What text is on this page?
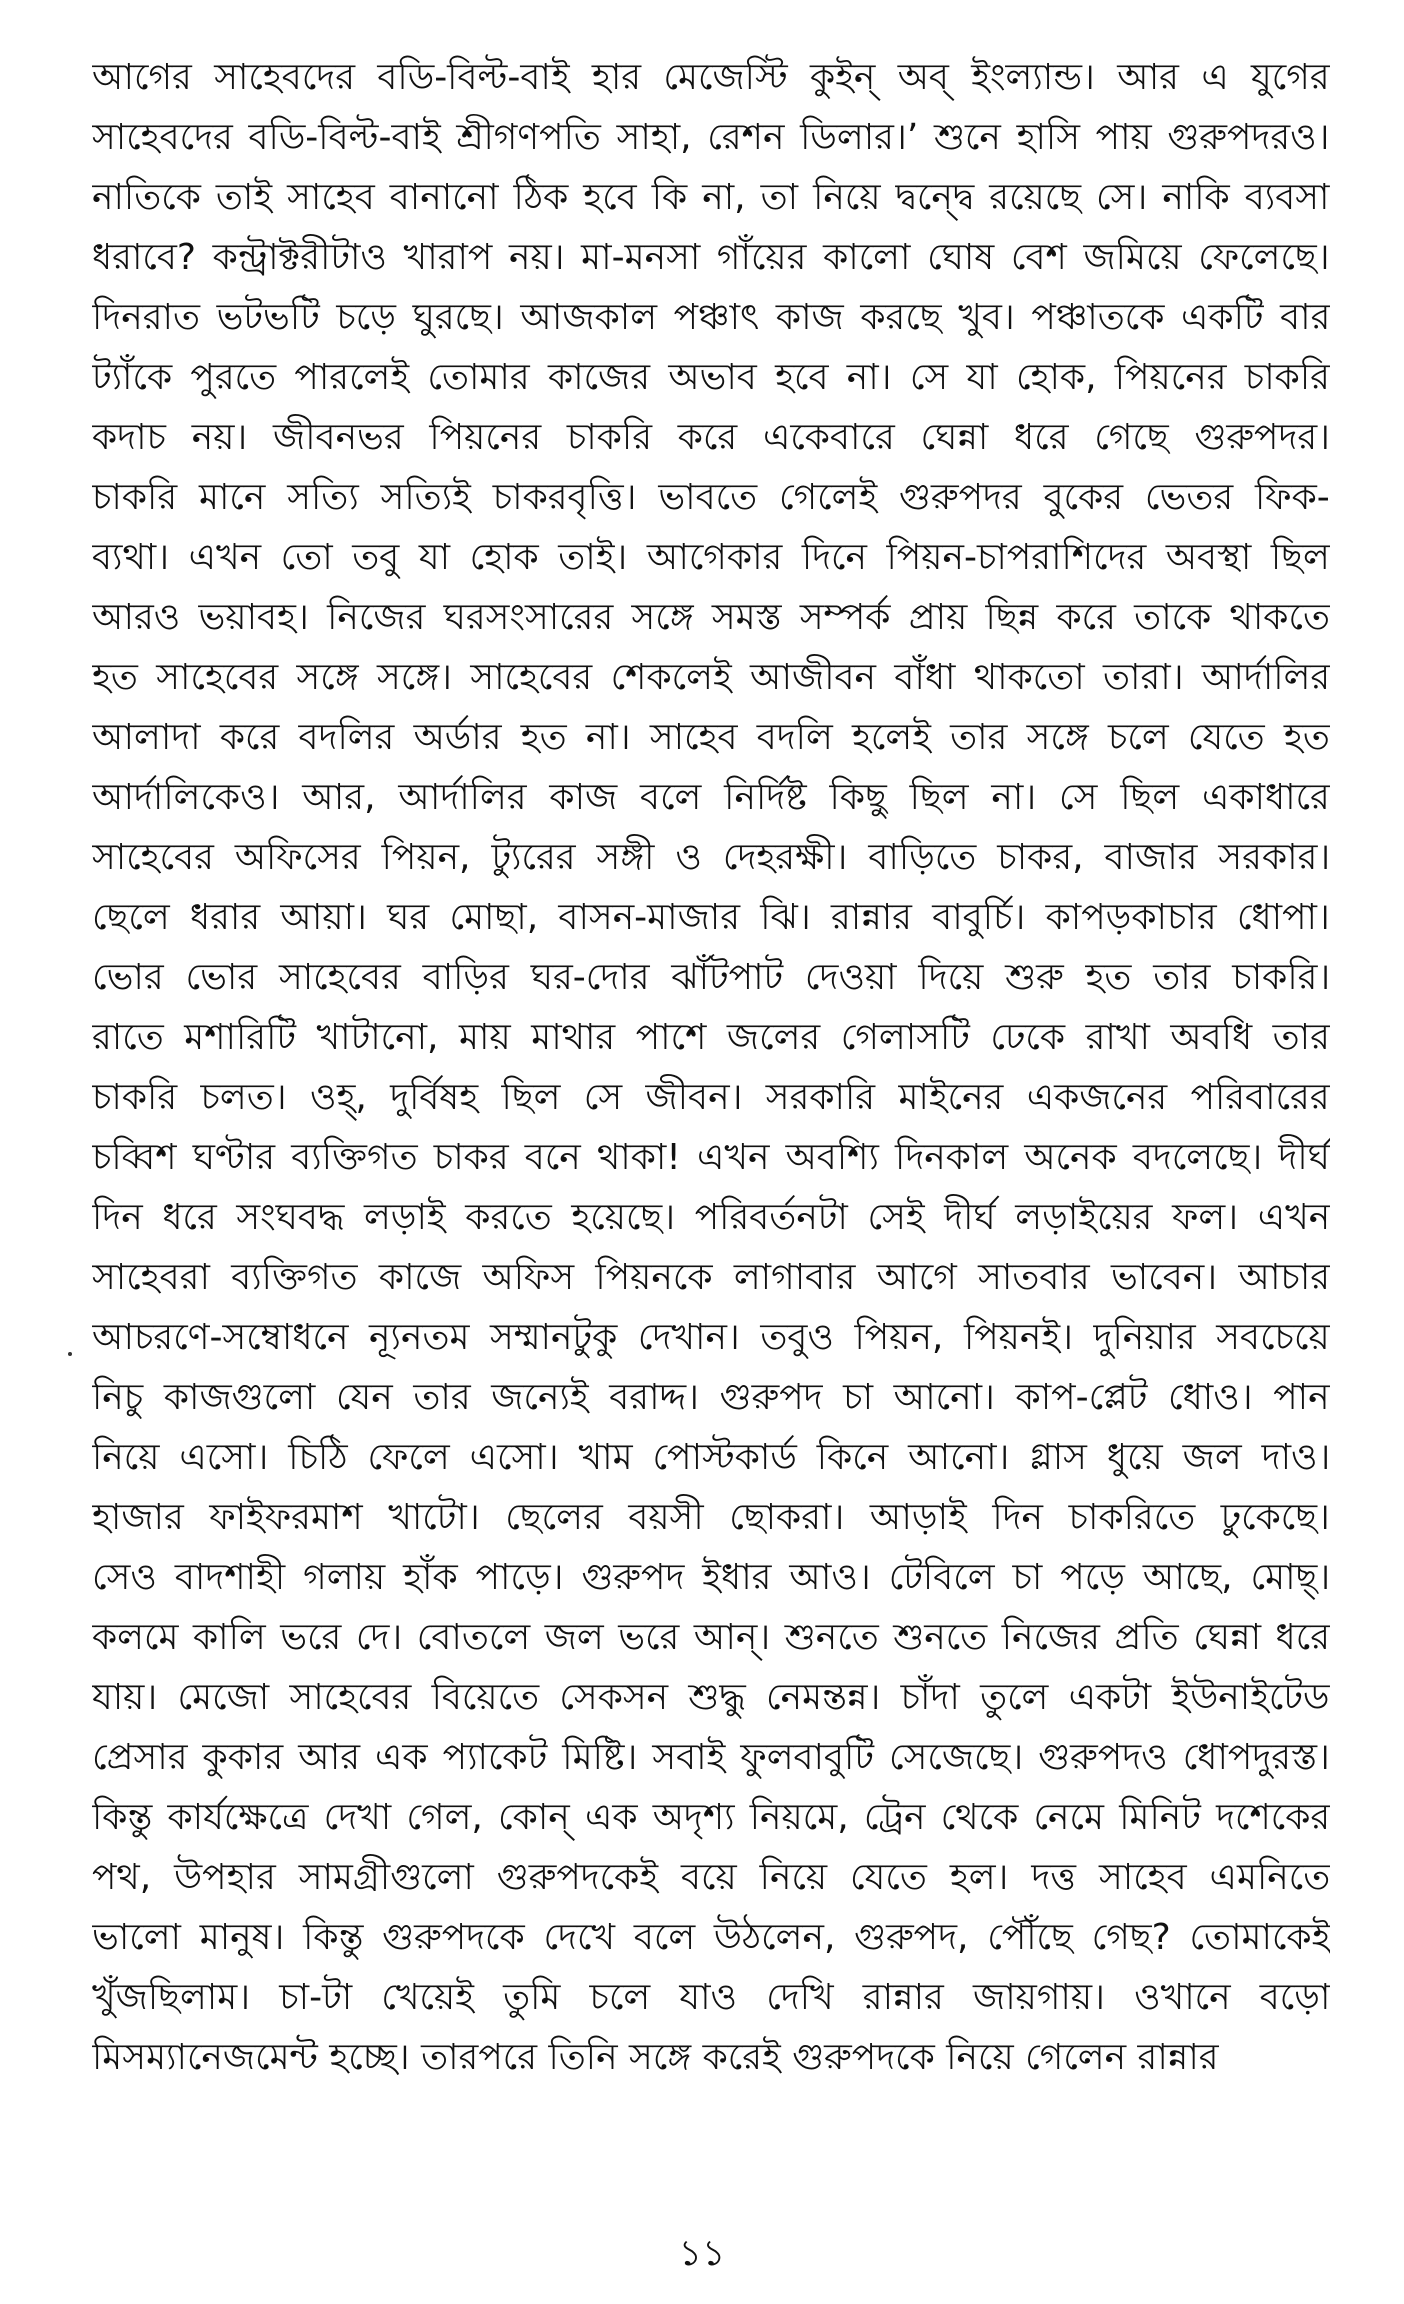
আগের সাহেবদের বডি-বিল্ট-বাই হার মেজেস্টি কুইন্ অব্ ইংল্যান্ড। আর এ যুগের
সাহেবদের বডি-বিল্ট-বাই শ্রীগণপতি সাহা, রেশন ডিলার।’ শুনে হাসি পায় গুরুপদরও।
নাতিকে তাই সাহেব বানানো ঠিক হবে কি না, তা নিয়ে দ্বন্দ্বে রয়েছে সে। নাকি ব্যবসা
ধরাবে? কন্ট্রাক্টরীটাও খারাপ নয়। মা-মনসা গাঁয়ের কালো ঘোষ বেশ জমিয়ে ফেলেছে।
দিনরাত ভটভটি চড়ে ঘুরছে। আজকাল পঞ্চাৎ কাজ করছে খুব। পঞ্চাতকে একটি বার
ট্যাঁকে পুরতে পারলেই তোমার কাজের অভাব হবে না। সে যা হোক, পিয়নের চাকরি
কদাচ নয়। জীবনভর পিয়নের চাকরি করে একেবারে ঘেন্না ধরে গেছে গুরুপদর।
চাকরি মানে সত্যি সত্যিই চাকরবৃত্তি। ভাবতে গেলেই গুরুপদর বুকের ভেতর ফিক-
ব্যথা। এখন তো তবু যা হোক তাই। আগেকার দিনে পিয়ন-চাপরাশিদের অবস্থা ছিল
আরও ভয়াবহ। নিজের ঘরসংসারের সঙ্গে সমস্ত সম্পর্ক প্রায় ছিন্ন করে তাকে থাকতে
হত সাহেবের সঙ্গে সঙ্গে। সাহেবের শেকলেই আজীবন বাঁধা থাকতো তারা। আর্দালির
আলাদা করে বদলির অর্ডার হত না। সাহেব বদলি হলেই তার সঙ্গে চলে যেতে হত
আর্দালিকেও। আর, আর্দালির কাজ বলে নির্দিষ্ট কিছু ছিল না। সে ছিল একাধারে
সাহেবের অফিসের পিয়ন, ট্যুরের সঙ্গী ও দেহরক্ষী। বাড়িতে চাকর, বাজার সরকার।
ছেলে ধরার আয়া। ঘর মোছা, বাসন-মাজার ঝি। রান্নার বাবুর্চি। কাপড়কাচার ধোপা।
ভোর ভোর সাহেবের বাড়ির ঘর-দোর ঝাঁটপাট দেওয়া দিয়ে শুরু হত তার চাকরি।
রাতে মশারিটি খাটানো, মায় মাথার পাশে জলের গেলাসটি ঢেকে রাখা অবধি তার
চাকরি চলত। ওহ্, দুর্বিষহ ছিল সে জীবন। সরকারি মাইনের একজনের পরিবারের
চব্বিশ ঘণ্টার ব্যক্তিগত চাকর বনে থাকা! এখন অবশ্যি দিনকাল অনেক বদলেছে। দীর্ঘ
দিন ধরে সংঘবদ্ধ লড়াই করতে হয়েছে। পরিবর্তনটা সেই দীর্ঘ লড়াইয়ের ফল। এখন
সাহেবরা ব্যক্তিগত কাজে অফিস পিয়নকে লাগাবার আগে সাতবার ভাবেন। আচার
আচরণে-সম্বোধনে ন্যূনতম সম্মানটুকু দেখান। তবুও পিয়ন, পিয়নই। দুনিয়ার সবচেয়ে
নিচু কাজগুলো যেন তার জন্যেই বরাদ্দ। গুরুপদ চা আনো। কাপ-প্লেট ধোও। পান
নিয়ে এসো। চিঠি ফেলে এসো। খাম পোস্টকার্ড কিনে আনো। গ্লাস ধুয়ে জল দাও।
হাজার ফাইফরমাশ খাটো। ছেলের বয়সী ছোকরা। আড়াই দিন চাকরিতে ঢুকেছে।
সেও বাদশাহী গলায় হাঁক পাড়ে। গুরুপদ ইধার আও। টেবিলে চা পড়ে আছে, মোছ্।
কলমে কালি ভরে দে। বোতলে জল ভরে আন্। শুনতে শুনতে নিজের প্রতি ঘেন্না ধরে
যায়। মেজো সাহেবের বিয়েতে সেকসন শুদ্ধু নেমন্তন্ন। চাঁদা তুলে একটা ইউনাইটেড
প্রেসার কুকার আর এক প্যাকেট মিষ্টি। সবাই ফুলবাবুটি সেজেছে। গুরুপদও ধোপদুরস্ত।
কিন্তু কার্যক্ষেত্রে দেখা গেল, কোন্ এক অদৃশ্য নিয়মে, ট্রেন থেকে নেমে মিনিট দশেকের
পথ, উপহার সামগ্রীগুলো গুরুপদকেই বয়ে নিয়ে যেতে হল। দত্ত সাহেব এমনিতে
ভালো মানুষ। কিন্তু গুরুপদকে দেখে বলে উঠলেন, গুরুপদ, পৌঁছে গেছ? তোমাকেই
খুঁজছিলাম। চা-টা খেয়েই তুমি চলে যাও দেখি রান্নার জায়গায়। ওখানে বড়ো
মিসম্যানেজমেন্ট হচ্ছে। তারপরে তিনি সঙ্গে করেই গুরুপদকে নিয়ে গেলেন রান্নার
১১
